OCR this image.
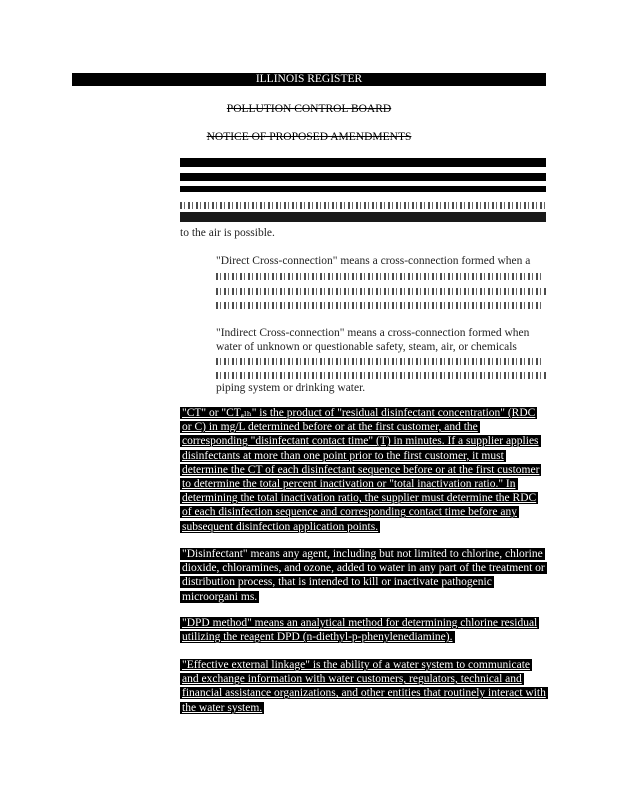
ILLINOIS REGISTER
POLLUTION CONTROL BOARD
NOTICE OF PROPOSED AMENDMENTS
to the air is possible.
"Direct Cross-connection" means a cross-connection formed when a
"Indirect Cross-connection" means a cross-connection formed when
water of unknown or questionable safety, steam, air, or chemicals
piping system or drinking water.
"CT" or "CTₐₗₕ" is the product of "residual disinfectant concentration" (RDC or C) in mg/L determined before or at the first customer, and the corresponding "disinfectant contact time" (T) in minutes. If a supplier applies disinfectants at more than one point prior to the first customer, it must determine the CT of each disinfectant sequence before or at the first customer to determine the total percent inactivation or "total inactivation ratio." In determining the total inactivation ratio, the supplier must determine the RDC of each disinfection sequence and corresponding contact time before any subsequent disinfection application points.
"Disinfectant" means any agent, including but not limited to chlorine, chlorine dioxide, chloramines, and ozone, added to water in any part of the treatment or distribution process, that is intended to kill or inactivate pathogenic microorgani ms.
"DPD method" means an analytical method for determining chlorine residual utilizing the reagent DPD (n-diethyl-p-phenylenediamine).
"Effective external linkage" is the ability of a water system to communicate and exchange information with water customers, regulators, technical and financial assistance organizations, and other entities that routinely interact with the water system.
